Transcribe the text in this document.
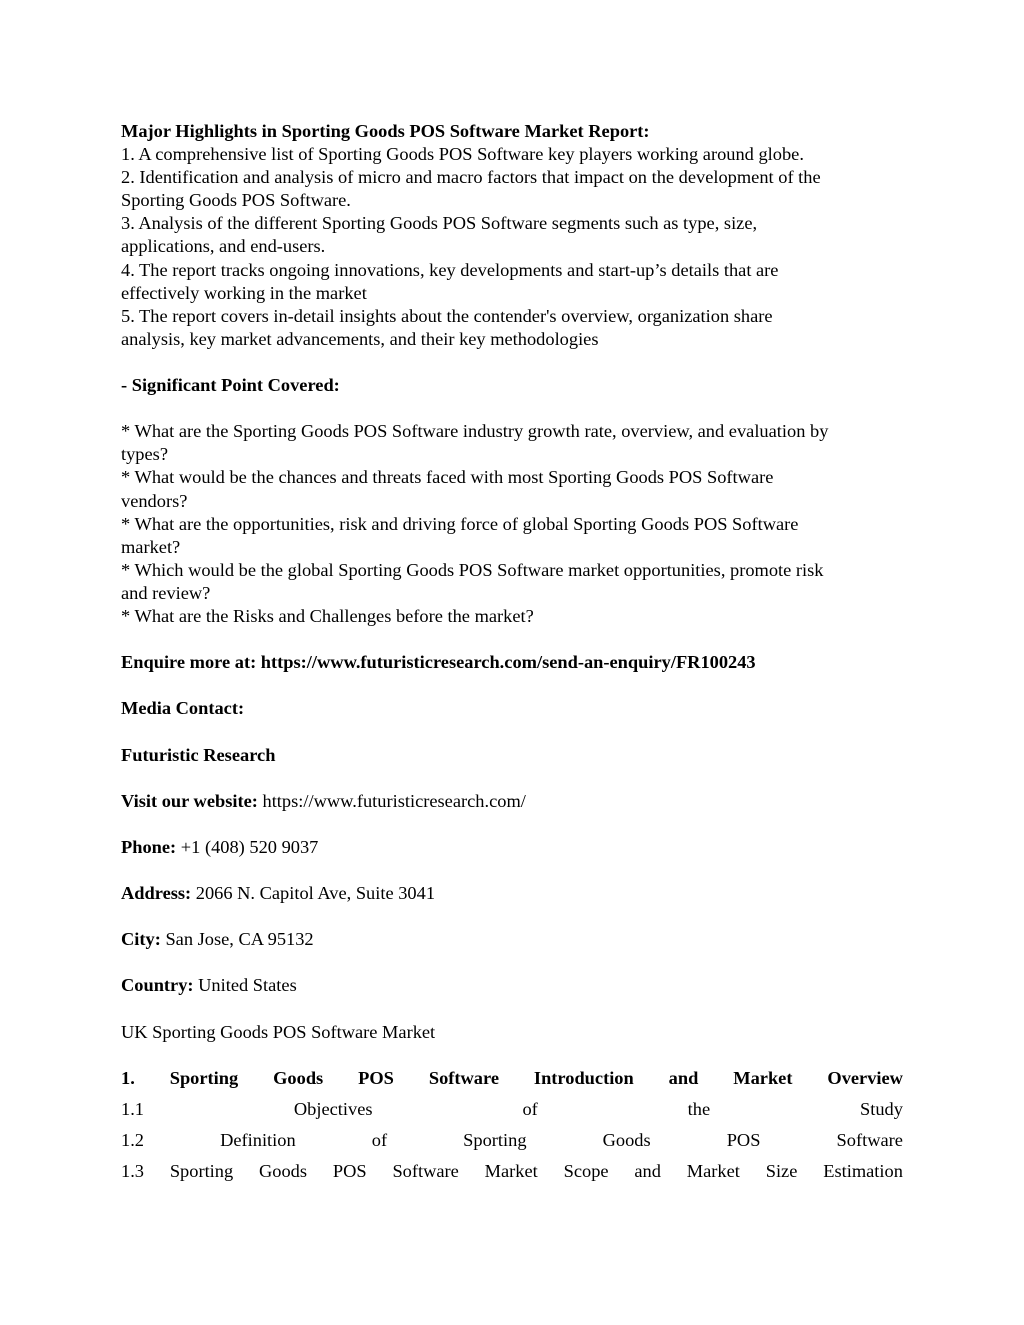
Major Highlights in Sporting Goods POS Software Market Report:
1. A comprehensive list of Sporting Goods POS Software key players working around globe.
2. Identification and analysis of micro and macro factors that impact on the development of the
Sporting Goods POS Software.
3. Analysis of the different Sporting Goods POS Software segments such as type, size,
applications, and end-users.
4. The report tracks ongoing innovations, key developments and start-up’s details that are
effectively working in the market
5. The report covers in-detail insights about the contender's overview, organization share
analysis, key market advancements, and their key methodologies
- Significant Point Covered:
* What are the Sporting Goods POS Software industry growth rate, overview, and evaluation by
types?
* What would be the chances and threats faced with most Sporting Goods POS Software
vendors?
* What are the opportunities, risk and driving force of global Sporting Goods POS Software
market?
* Which would be the global Sporting Goods POS Software market opportunities, promote risk
and review?
* What are the Risks and Challenges before the market?
Enquire more at: https://www.futuristicresearch.com/send-an-enquiry/FR100243
Media Contact:
Futuristic Research
Visit our website: https://www.futuristicresearch.com/
Phone: +1 (408) 520 9037
Address: 2066 N. Capitol Ave, Suite 3041
City: San Jose, CA 95132
Country: United States
UK Sporting Goods POS Software Market
1. Sporting Goods POS Software Introduction and Market Overview
1.1	Objectives	of	the	Study
1.2	Definition	of	Sporting	Goods	POS	Software
1.3 Sporting Goods POS Software Market Scope and Market Size Estimation
